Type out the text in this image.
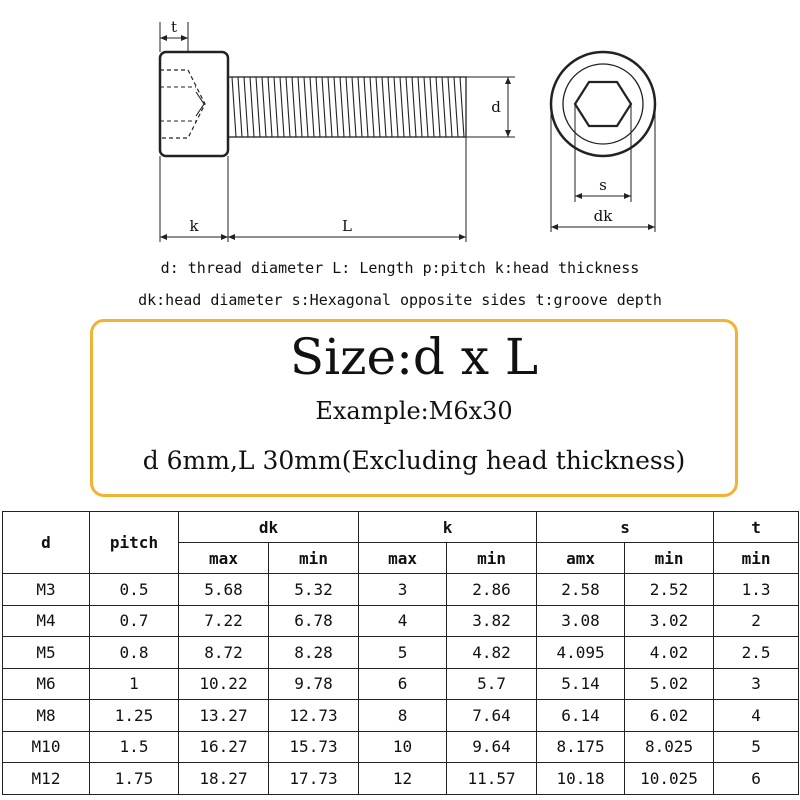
t
d
k	L
s
dk
d: thread diameter L: Length p:pitch k:head thickness
dk:head diameter s:Hexagonal opposite sides t:groove depth
Size:d x L
Example:M6x30
d 6mm,L 30mm(Excluding head thickness)
d	pitch	dk		k		s		t
		max	min	max	min	amx	min	min
M3	0.5	5.68	5.32	3	2.86	2.58	2.52	1.3
M4	0.7	7.22	6.78	4	3.82	3.08	3.02	2
M5	0.8	8.72	8.28	5	4.82	4.095	4.02	2.5
M6	1	10.22	9.78	6	5.7	5.14	5.02	3
M8	1.25	13.27	12.73	8	7.64	6.14	6.02	4
M10	1.5	16.27	15.73	10	9.64	8.175	8.025	5
M12	1.75	18.27	17.73	12	11.57	10.18	10.025	6
